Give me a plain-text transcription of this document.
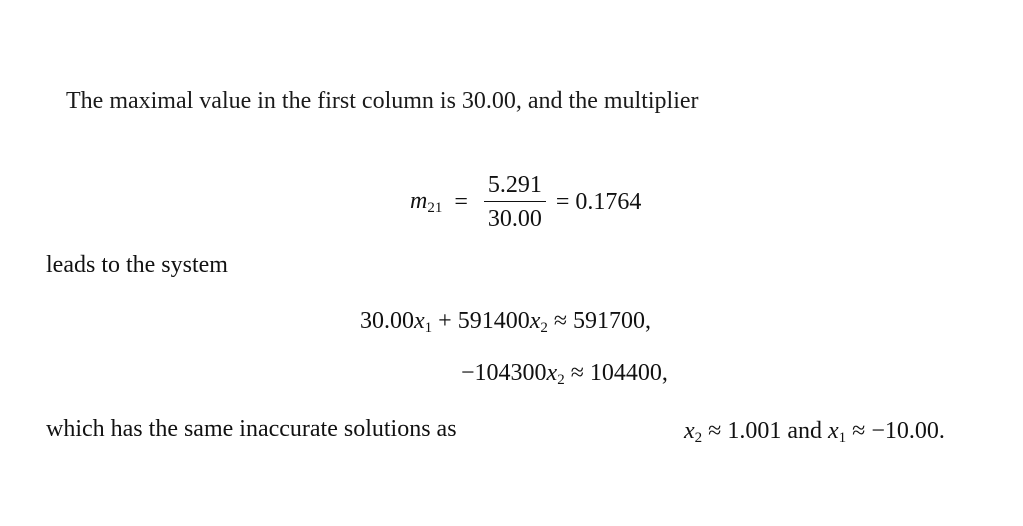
The maximal value in the first column is 30.00, and the multiplier
$m_{21} = \frac{5.291}{30.00} = 0.1764$
leads to the system
$30.00x_1 + 591400x_2 \approx 591700$,
$-104300x_2 \approx 104400$,
which has the same inaccurate solutions as	$x_2 \approx 1.001$ and $x_1 \approx -10.00$.
